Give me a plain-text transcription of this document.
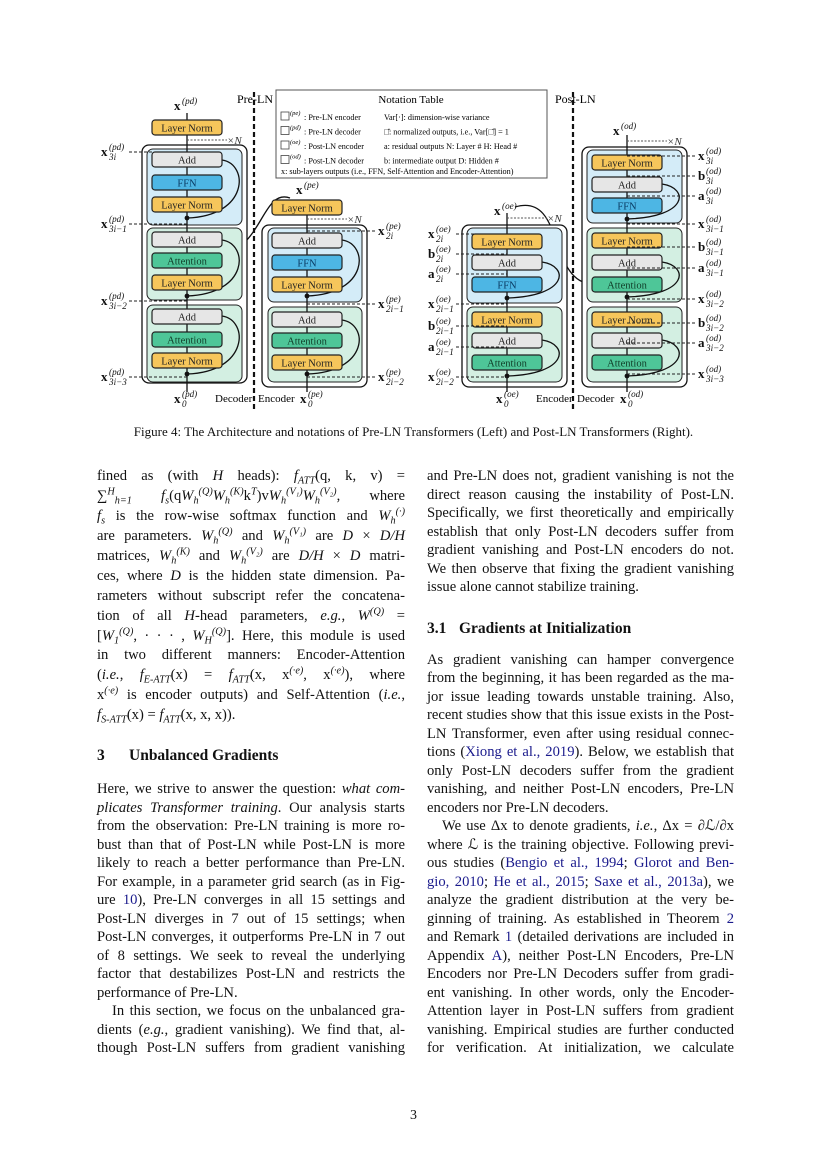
Pre-LN	Post-LN
Notation Table
(pe) : Pre-LN encoder	Var[·]: dimension-wise variance
(pd) : Pre-LN decoder	□̂: normalized outputs, i.e., Var[□̂] = 1
(oe) : Post-LN encoder a: residual outputs N: Layer # H: Head #
(od) : Post-LN decoder b: intermediate output D: Hidden #
x: sub-layers outputs (i.e., FFN, Self-Attention and Encoder-Attention)
Layer Norm
Add
FFN
Layer Norm
Add
Attention
Layer Norm
Add
Attention
Layer Norm
×N
x (pd) 3i
x (pd) 3i−1
x (pd) 3i−2
x (pd) 3i−3
x (pd)
x (pd) 0
Layer Norm
Add
FFN
Layer Norm
Add
Attention
Layer Norm
×N
x (pe) 2i
x (pe) 2i−1
x (pe) 2i−2
x (pe)
x (pe) 0
Layer Norm
Add
FFN
Layer Norm
Add
Attention
×N
x (oe) 2i
b(oe) 2i
a (oe) 2i
x (oe) 2i−1
b(oe) 2i−1
a (oe) 2i−1
x (oe) 2i−2
x (oe)
x (oe) 0
Layer Norm
Add
FFN
Layer Norm
Add
Attention
Layer Norm
Add
Attention
×N
x (od) 3i
b(od) 3i
a (od) 3i
x (od) 3i−1
b(od) 3i−1
a (od) 3i−1
x (od) 3i−2
b(od) 3i−2
a (od) 3i−2
x (od) 3i−3
x (od)
x (od) 0
Decoder Encoder	Encoder Decoder
Figure 4: The Architecture and notations of Pre-LN Transformers (Left) and Post-LN Transformers (Right).
fined as (with H heads): $f_{ATT}(q$, k, v) =
∑$^H_{h=1}$ $f_s(qW_h^{(Q)}W_h^{(K)}k^T)vW_h^{(V_1)}W_h^{(V_2)}$, where
$f_s$ is the row-wise softmax function and $W_h^{(\cdot)}$
are parameters. $W_h^{(Q)}$ and $W_h^{(V_1)}$ are D × D/H
matrices, $W_h^{(K)}$ and $W_h^{(V_2)}$ are D/H × D matri-
ces, where D is the hidden state dimension. Pa-
rameters without subscript refer the concatena-
tion of all H-head parameters, e.g., $W^{(Q)}$ =
[$W_1^{(Q)}$, · · · , $W_H^{(Q)}$]. Here, this module is used
in two different manners: Encoder-Attention
(i.e., $f_{E-ATT}(x) = f_{ATT}(x$, $x^{(\cdot e)}$, $x^{(\cdot e)}$), where
$x^{(\cdot e)}$ is encoder outputs) and Self-Attention (i.e.,
$f_{S-ATT}(x) = f_{ATT}(x$, x, x)).
3 Unbalanced Gradients
Here, we strive to answer the question: what com-
plicates Transformer training. Our analysis starts
from the observation: Pre-LN training is more ro-
bust than that of Post-LN while Post-LN is more
likely to reach a better performance than Pre-LN.
For example, in a parameter grid search (as in Fig-
ure 10), Pre-LN converges in all 15 settings and
Post-LN diverges in 7 out of 15 settings; when
Post-LN converges, it outperforms Pre-LN in 7 out
of 8 settings. We seek to reveal the underlying
factor that destabilizes Post-LN and restricts the
performance of Pre-LN.
In this section, we focus on the unbalanced gra-
dients (e.g., gradient vanishing). We find that, al-
though Post-LN suffers from gradient vanishing
and Pre-LN does not, gradient vanishing is not the
direct reason causing the instability of Post-LN.
Specifically, we first theoretically and empirically
establish that only Post-LN decoders suffer from
gradient vanishing and Post-LN encoders do not.
We then observe that fixing the gradient vanishing
issue alone cannot stabilize training.
3.1 Gradients at Initialization
As gradient vanishing can hamper convergence
from the beginning, it has been regarded as the ma-
jor issue leading towards unstable training. Also,
recent studies show that this issue exists in the Post-
LN Transformer, even after using residual connec-
tions (Xiong et al., 2019). Below, we establish that
only Post-LN decoders suffer from the gradient
vanishing, and neither Post-LN encoders, Pre-LN
encoders nor Pre-LN decoders.
We use Δx to denote gradients, i.e., Δx = ∂ℒ/∂x
where ℒ is the training objective. Following previ-
ous studies (Bengio et al., 1994; Glorot and Ben-
gio, 2010; He et al., 2015; Saxe et al., 2013a), we
analyze the gradient distribution at the very be-
ginning of training. As established in Theorem 2
and Remark 1 (detailed derivations are included in
Appendix A), neither Post-LN Encoders, Pre-LN
Encoders nor Pre-LN Decoders suffer from gradi-
ent vanishing. In other words, only the Encoder-
Attention layer in Post-LN suffers from gradient
vanishing. Empirical studies are further conducted
for verification. At initialization, we calculate
3
